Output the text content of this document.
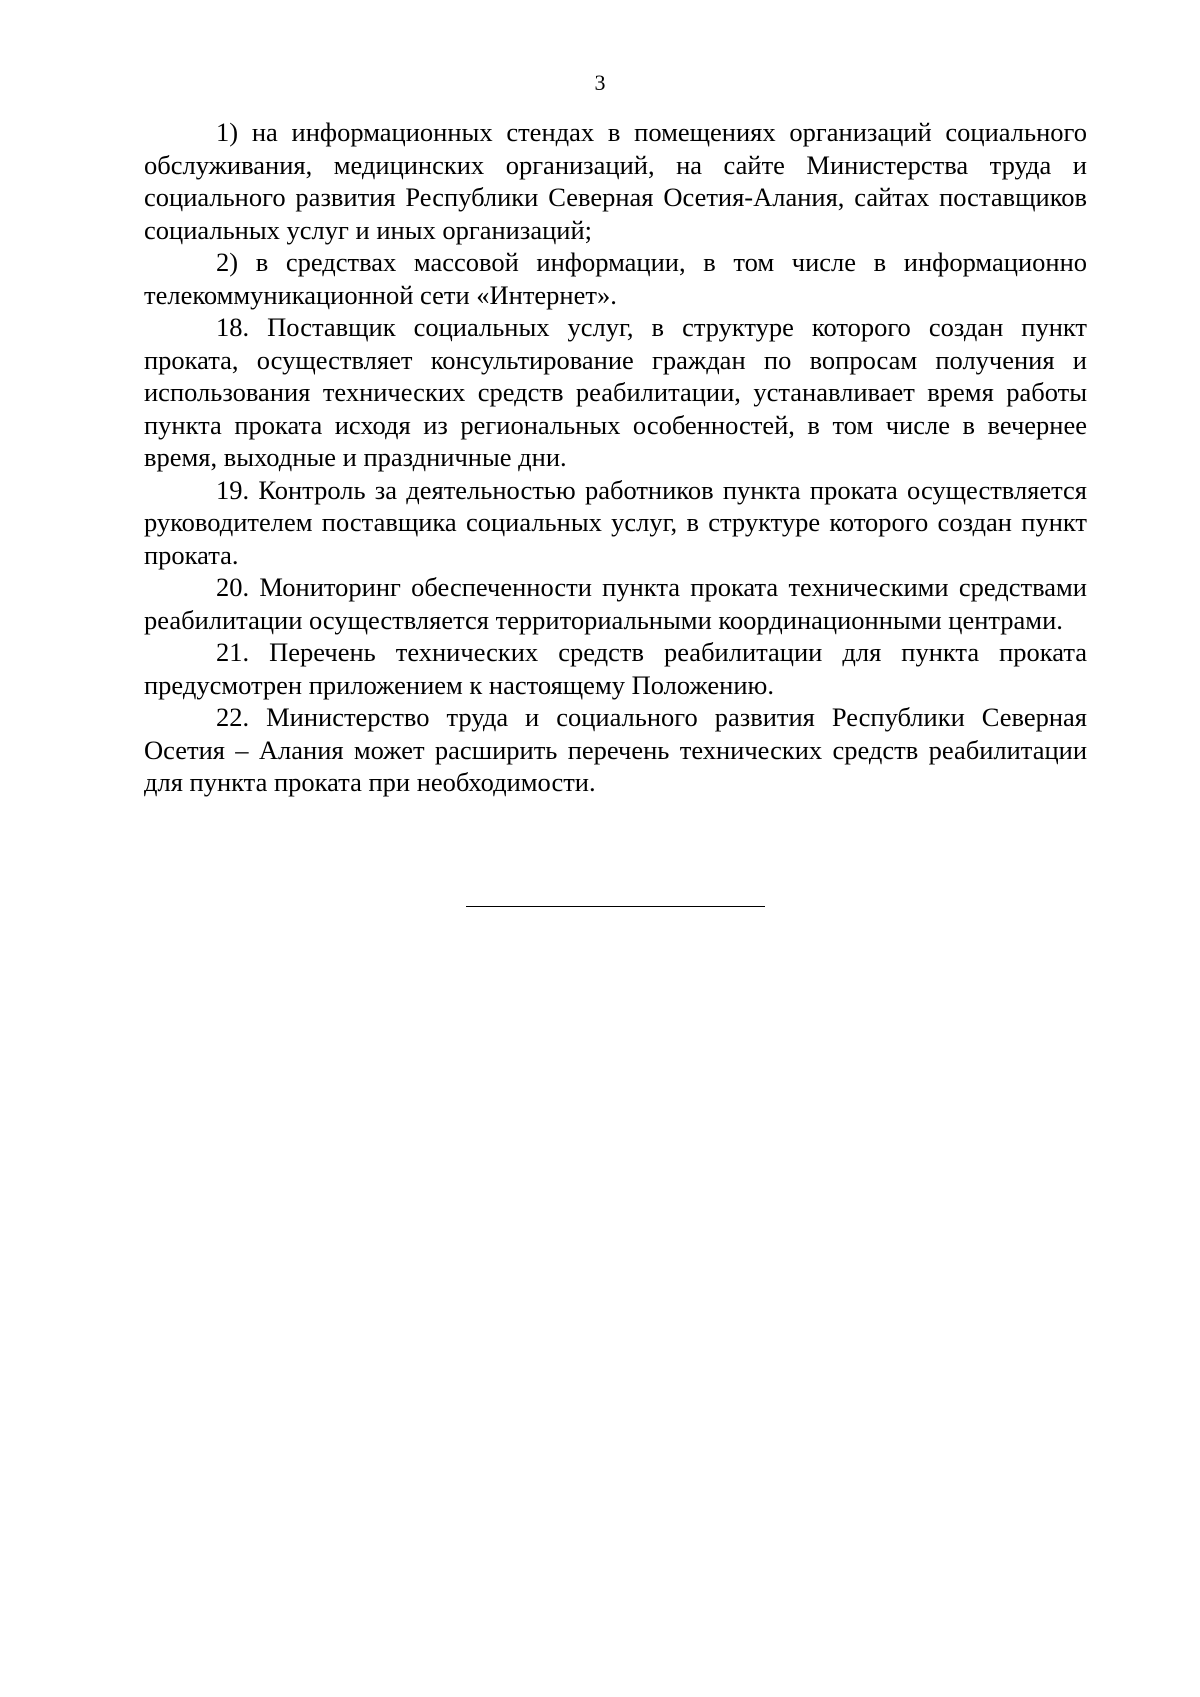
3

1) на информационных стендах в помещениях организаций социального обслуживания, медицинских организаций, на сайте Министерства труда и социального развития Республики Северная Осетия-Алания, сайтах поставщиков социальных услуг и иных организаций;

2) в средствах массовой информации, в том числе в информационно телекоммуникационной сети «Интернет».

18. Поставщик социальных услуг, в структуре которого создан пункт проката, осуществляет консультирование граждан по вопросам получения и использования технических средств реабилитации, устанавливает время работы пункта проката исходя из региональных особенностей, в том числе в вечернее время, выходные и праздничные дни.

19. Контроль за деятельностью работников пункта проката осуществляется руководителем поставщика социальных услуг, в структуре которого создан пункт проката.

20. Мониторинг обеспеченности пункта проката техническими средствами реабилитации осуществляется территориальными координационными центрами.

21. Перечень технических средств реабилитации для пункта проката предусмотрен приложением к настоящему Положению.

22. Министерство труда и социального развития Республики Северная Осетия – Алания может расширить перечень технических средств реабилитации для пункта проката при необходимости.
